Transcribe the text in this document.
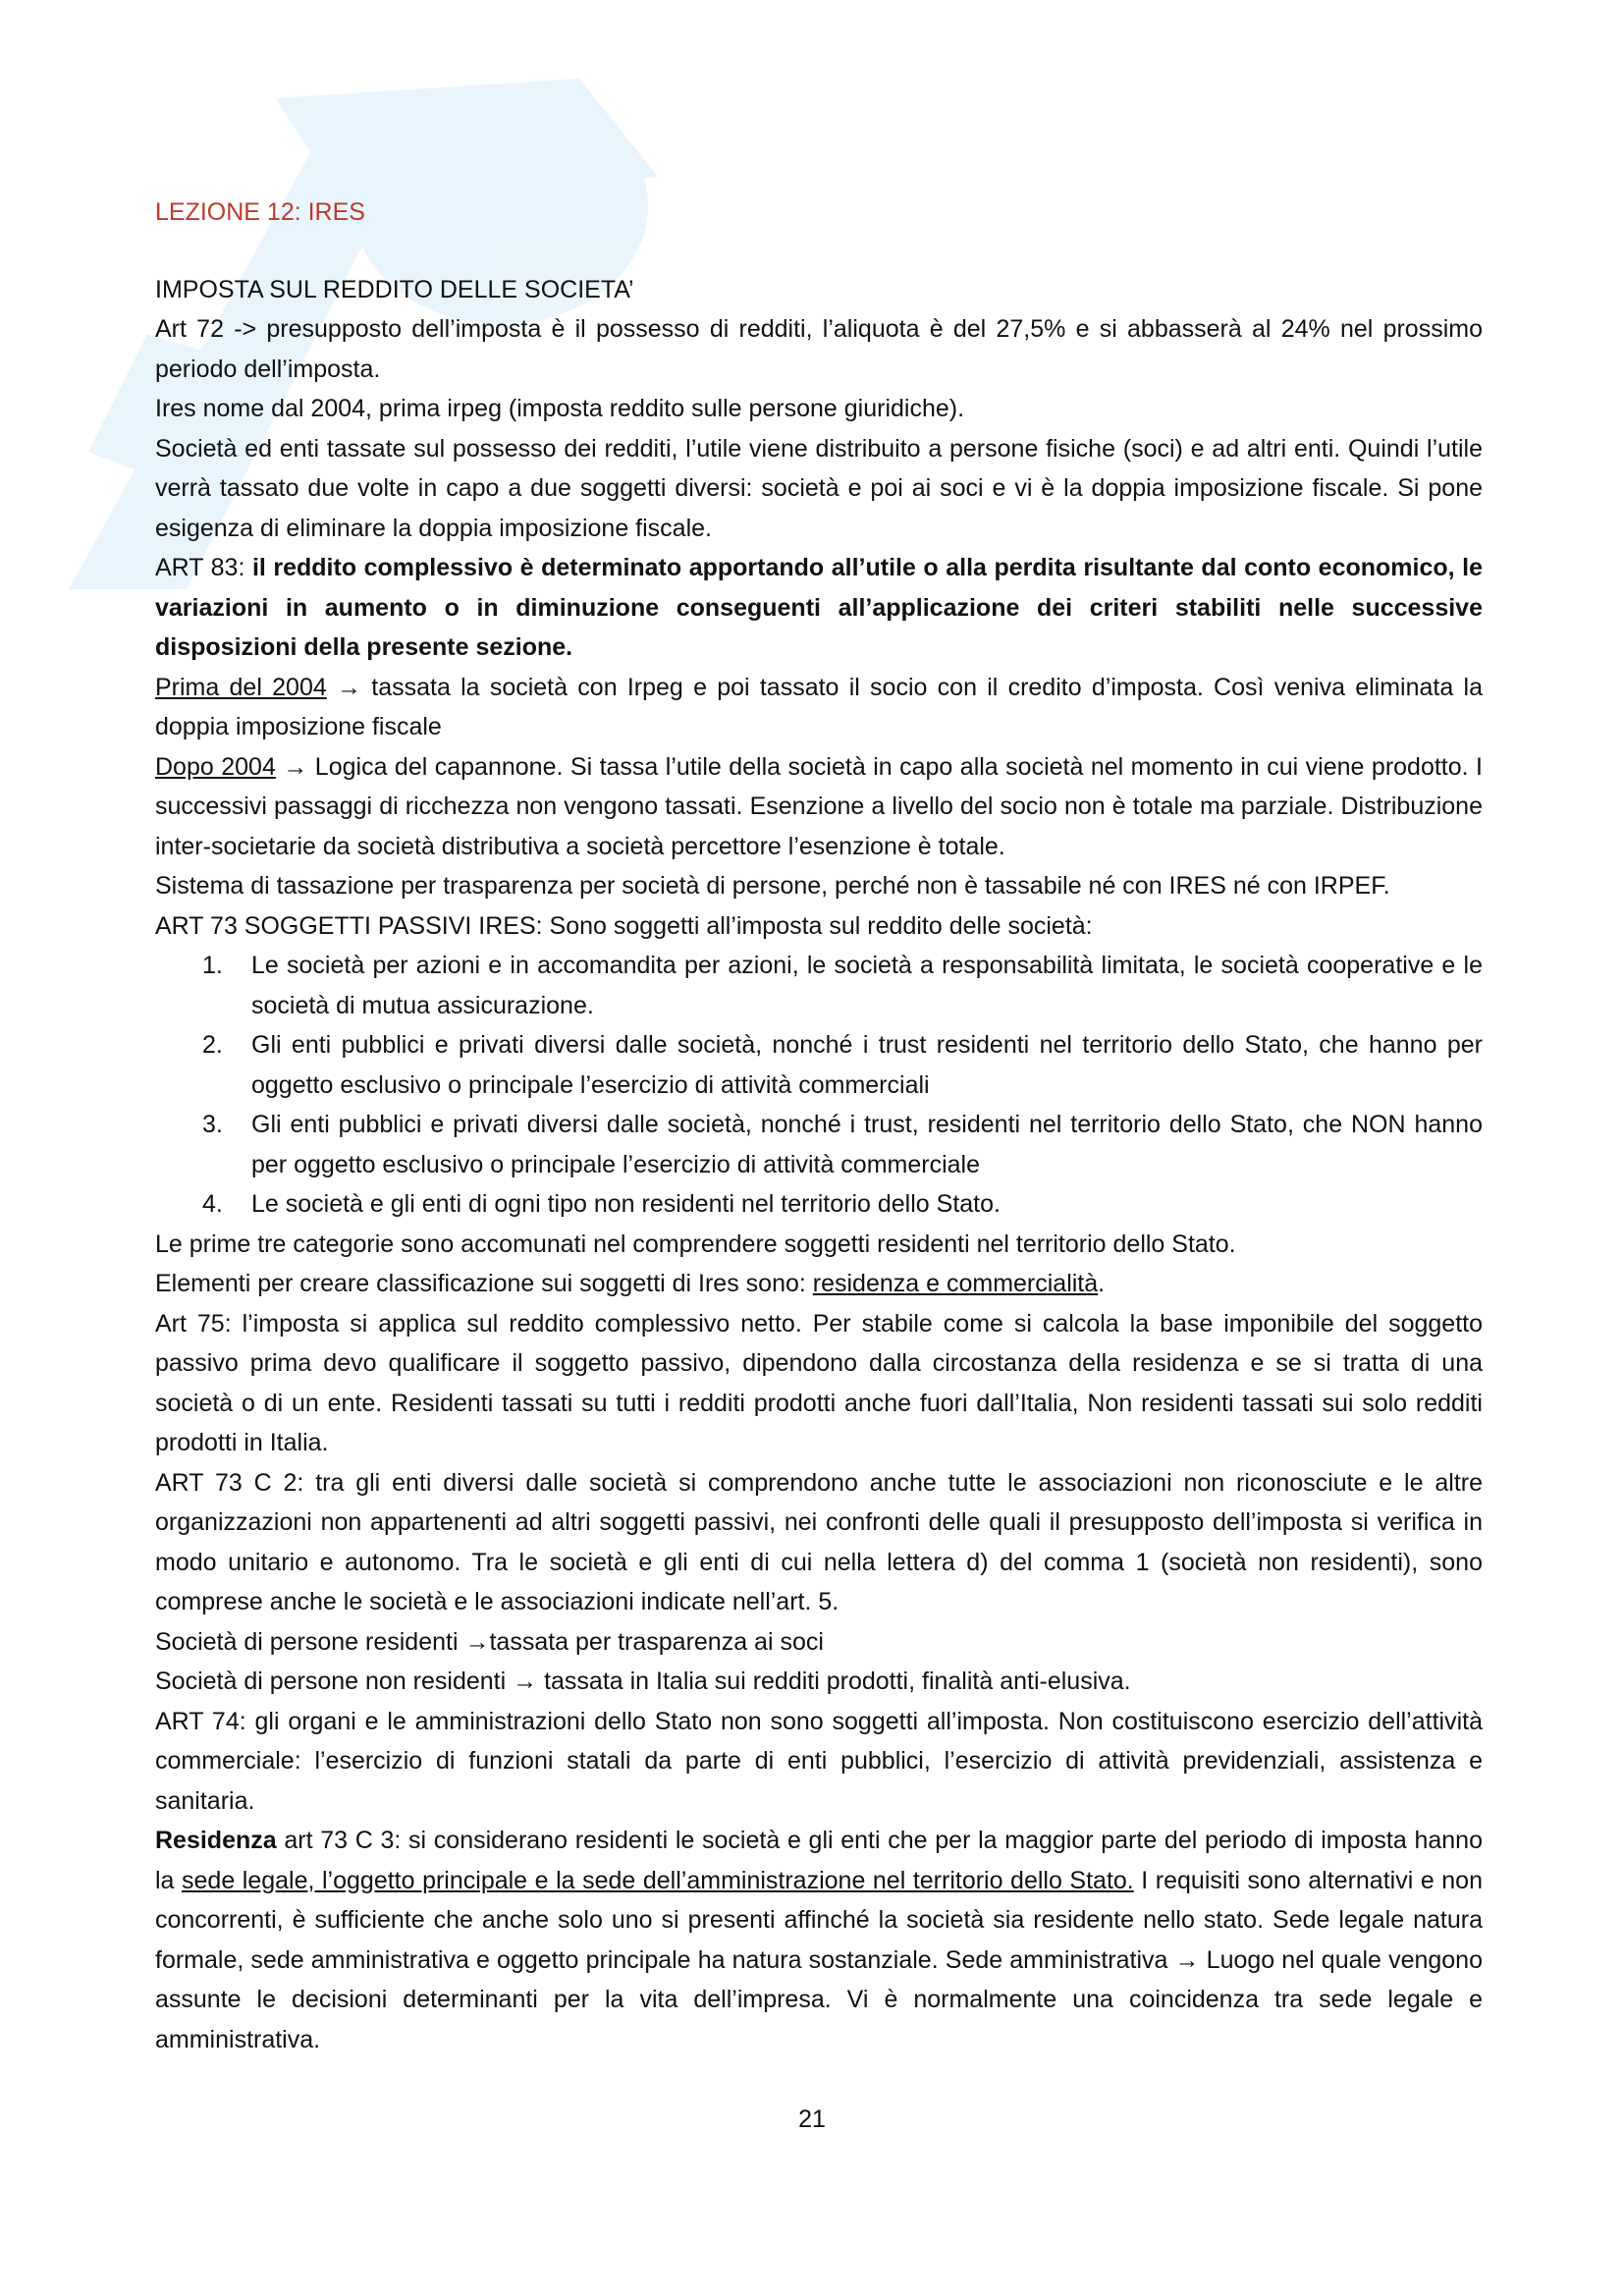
LEZIONE 12: IRES

IMPOSTA SUL REDDITO DELLE SOCIETA’

Art 72 -> presupposto dell’imposta è il possesso di redditi, l’aliquota è del 27,5% e si abbasserà al 24% nel prossimo periodo dell’imposta.

Ires nome dal 2004, prima irpeg (imposta reddito sulle persone giuridiche).

Società ed enti tassate sul possesso dei redditi, l’utile viene distribuito a persone fisiche (soci) e ad altri enti. Quindi l’utile verrà tassato due volte in capo a due soggetti diversi: società e poi ai soci e vi è la doppia imposizione fiscale. Si pone esigenza di eliminare la doppia imposizione fiscale.

ART 83: il reddito complessivo è determinato apportando all’utile o alla perdita risultante dal conto economico, le variazioni in aumento o in diminuzione conseguenti all’applicazione dei criteri stabiliti nelle successive disposizioni della presente sezione.

Prima del 2004 → tassata la società con Irpeg e poi tassato il socio con il credito d’imposta. Così veniva eliminata la doppia imposizione fiscale

Dopo 2004 → Logica del capannone. Si tassa l’utile della società in capo alla società nel momento in cui viene prodotto. I successivi passaggi di ricchezza non vengono tassati. Esenzione a livello del socio non è totale ma parziale. Distribuzione inter-societarie da società distributiva a società percettore l’esenzione è totale.

Sistema di tassazione per trasparenza per società di persone, perché non è tassabile né con IRES né con IRPEF.

ART 73 SOGGETTI PASSIVI IRES: Sono soggetti all’imposta sul reddito delle società:

1. Le società per azioni e in accomandita per azioni, le società a responsabilità limitata, le società cooperative e le società di mutua assicurazione.
2. Gli enti pubblici e privati diversi dalle società, nonché i trust residenti nel territorio dello Stato, che hanno per oggetto esclusivo o principale l’esercizio di attività commerciali
3. Gli enti pubblici e privati diversi dalle società, nonché i trust, residenti nel territorio dello Stato, che NON hanno per oggetto esclusivo o principale l’esercizio di attività commerciale
4. Le società e gli enti di ogni tipo non residenti nel territorio dello Stato.

Le prime tre categorie sono accomunati nel comprendere soggetti residenti nel territorio dello Stato.

Elementi per creare classificazione sui soggetti di Ires sono: residenza e commercialità.

Art 75: l’imposta si applica sul reddito complessivo netto. Per stabile come si calcola la base imponibile del soggetto passivo prima devo qualificare il soggetto passivo, dipendono dalla circostanza della residenza e se si tratta di una società o di un ente. Residenti tassati su tutti i redditi prodotti anche fuori dall’Italia, Non residenti tassati sui solo redditi prodotti in Italia.

ART 73 C 2: tra gli enti diversi dalle società si comprendono anche tutte le associazioni non riconosciute e le altre organizzazioni non appartenenti ad altri soggetti passivi, nei confronti delle quali il presupposto dell’imposta si verifica in modo unitario e autonomo. Tra le società e gli enti di cui nella lettera d) del comma 1 (società non residenti), sono comprese anche le società e le associazioni indicate nell’art. 5.

Società di persone residenti →tassata per trasparenza ai soci

Società di persone non residenti → tassata in Italia sui redditi prodotti, finalità anti-elusiva.

ART 74: gli organi e le amministrazioni dello Stato non sono soggetti all’imposta. Non costituiscono esercizio dell’attività commerciale: l’esercizio di funzioni statali da parte di enti pubblici, l’esercizio di attività previdenziali, assistenza e sanitaria.

Residenza art 73 C 3: si considerano residenti le società e gli enti che per la maggior parte del periodo di imposta hanno la sede legale, l’oggetto principale e la sede dell’amministrazione nel territorio dello Stato. I requisiti sono alternativi e non concorrenti, è sufficiente che anche solo uno si presenti affinché la società sia residente nello stato. Sede legale natura formale, sede amministrativa e oggetto principale ha natura sostanziale. Sede amministrativa → Luogo nel quale vengono assunte le decisioni determinanti per la vita dell’impresa. Vi è normalmente una coincidenza tra sede legale e amministrativa.

21
